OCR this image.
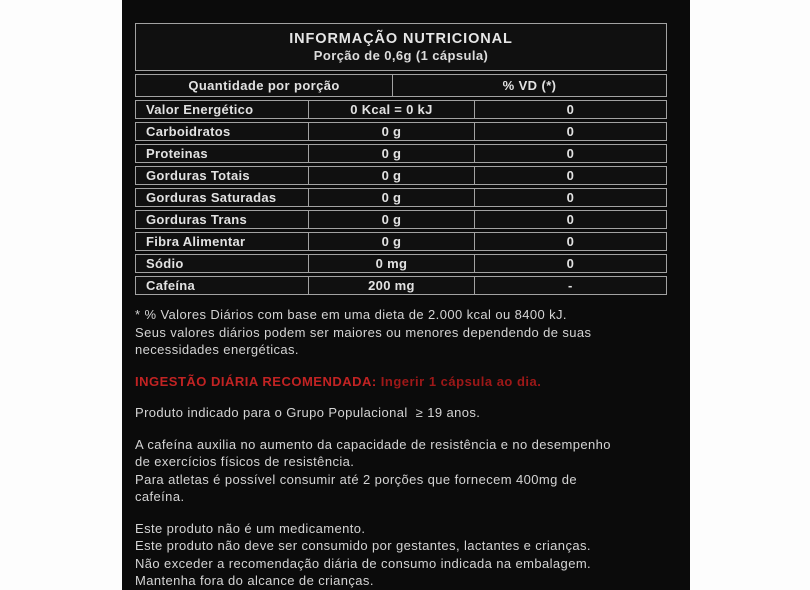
INFORMAÇÃO NUTRICIONAL
Porção de 0,6g (1 cápsula)
Quantidade por porção	% VD (*)
Valor Energético	0 Kcal = 0 kJ	0
Carboidratos	0 g	0
Proteinas	0 g	0
Gorduras Totais	0 g	0
Gorduras Saturadas	0 g	0
Gorduras Trans	0 g	0
Fibra Alimentar	0 g	0
Sódio	0 mg	0
Cafeína	200 mg	-
* % Valores Diários com base em uma dieta de 2.000 kcal ou 8400 kJ.
Seus valores diários podem ser maiores ou menores dependendo de suas
necessidades energéticas.
INGESTÃO DIÁRIA RECOMENDADA: Ingerir 1 cápsula ao dia.
Produto indicado para o Grupo Populacional  ≥ 19 anos.
A cafeína auxilia no aumento da capacidade de resistência e no desempenho
de exercícios físicos de resistência.
Para atletas é possível consumir até 2 porções que fornecem 400mg de
cafeína.
Este produto não é um medicamento.
Este produto não deve ser consumido por gestantes, lactantes e crianças.
Não exceder a recomendação diária de consumo indicada na embalagem.
Mantenha fora do alcance de crianças.
